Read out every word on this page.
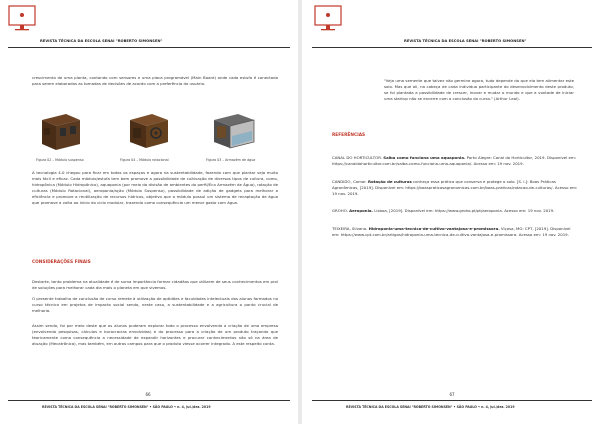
REVISTA TÉCNICA DA ESCOLA SENAI "ROBERTO SIMONSEN"

crescimento de uma planta, contando com sensores e uma placa programável (Main Board) onde cada estufa é conectada para serem elaborados as tomadas de decisões de acordo com a preferência do usuário.

Figura 02 – Módulo suspenso	Figura 04 – Módulo rotacional	Figura 03 – Armazém de água

A tecnologia 4.0 chegou para ficar em todos os espaços e agora na sustentabilidade, fazendo com que plantar seja muito mais fácil e eficaz. Cada módulo/estufa tem bem promove a possibilidade de cultivação de diversos tipos de cultura, como, hidropônica (Módulo Hidropônico), aquaponia (por meio da divisão de ambientes do perfil/Eco Armazém de Água), rotação de culturas (Módulo Rotacional), aeroponia/ação (Módulo Suspenso), possibilidade de adição de gadgets para melhorar a eficiência e promove a reutilização de recursos hídricos, objetivo que o módulo possui um sistema de recaptação de água que promove a volta ao início do ciclo modular, trazendo como consequência um menor gasto com água.

CONSIDERAÇÕES FINAIS

Destarte, tanto problema na atualidade é de suma importância formar cidadãos que utilizem de seus conhecimentos em prol de soluções para melhorar cada dia mais o planeta em que vivemos.

O presente trabalho de conclusão de curso remete à utilização de aptidões e faculdades intelectuais dos alunos formados no curso técnico em projetos de impacto social sendo, neste caso, a sustentabilidade e a agricultura o ponto crucial de melhoria.

Assim sendo, foi por meio deste que os alunos puderam explorar todo o processo envolvendo a criação de uma empresa (envolvendo pesquisas, cálculos e burocracias envolvidas) e do processo para a criação de um produto traçando que teoricamente como consequência a necessidade de expandir horizontes e procurar conhecimentos não só na área de atuação (Mecatrônica), mas também, em outros campos para que o produto viesse ocorrer integrado. A este respeito conta.

66
REVISTA TÉCNICA DA ESCOLA SENAI "ROBERTO SIMONSEN" • SÃO PAULO • n. 4, jul./dez. 2019
REVISTA TÉCNICA DA ESCOLA SENAI "ROBERTO SIMONSEN"

"Veja uma semente que talvez não germine agora, tudo depende do que ela tem alimentar este solo. Mas que ali, na cabeça de cada indivíduo participante do desenvolvimento deste produto, se foi plantada a possibilidade de crescer, inovar e mudar o mundo e que a vontade de iniciar uma startup não se encerre com a conclusão do curso." (Arthur Leal).

REFERÊNCIAS

CANAL DO HORTICULTOR. Saiba como funciona uma aquaponia. Porto Alegre: Canal do Horticultor, 2019. Disponível em: https://canaldohorticultor.com.br/saiba-como-funciona-uma-aquaponia/. Acesso em: 19 nov. 2019.

CANDIDO, Camar. Rotação de culturas conheça essa prática que conserva e protege o solo. [S. l.]: Boas Práticas Agronômicas, [2019]. Disponível em: https://boaspraticasagronomicas.com.br/boas-praticas/rotacao-de-culturas/. Acesso em: 19 nov. 2019.

GROHO. Aeroponia. Lisboa, [2019]. Disponível em: https://www.groho.pt/pt/aeroponia. Acesso em: 19 nov. 2019.

TEIXEIRA, Silvana. Hidroponia-uma-tecnica-de-cultivo-vantajosa-e-promissora. Viçosa, MG: CPT, [2019]. Disponível em: https://www.cpt.com.br/artigos/hidroponia-uma-tecnica-de-cultivo-vantajosa-e-promissora. Acesso em: 19 nov. 2019.

67
REVISTA TÉCNICA DA ESCOLA SENAI "ROBERTO SIMONSEN" • SÃO PAULO • n. 4, jul./dez. 2019
